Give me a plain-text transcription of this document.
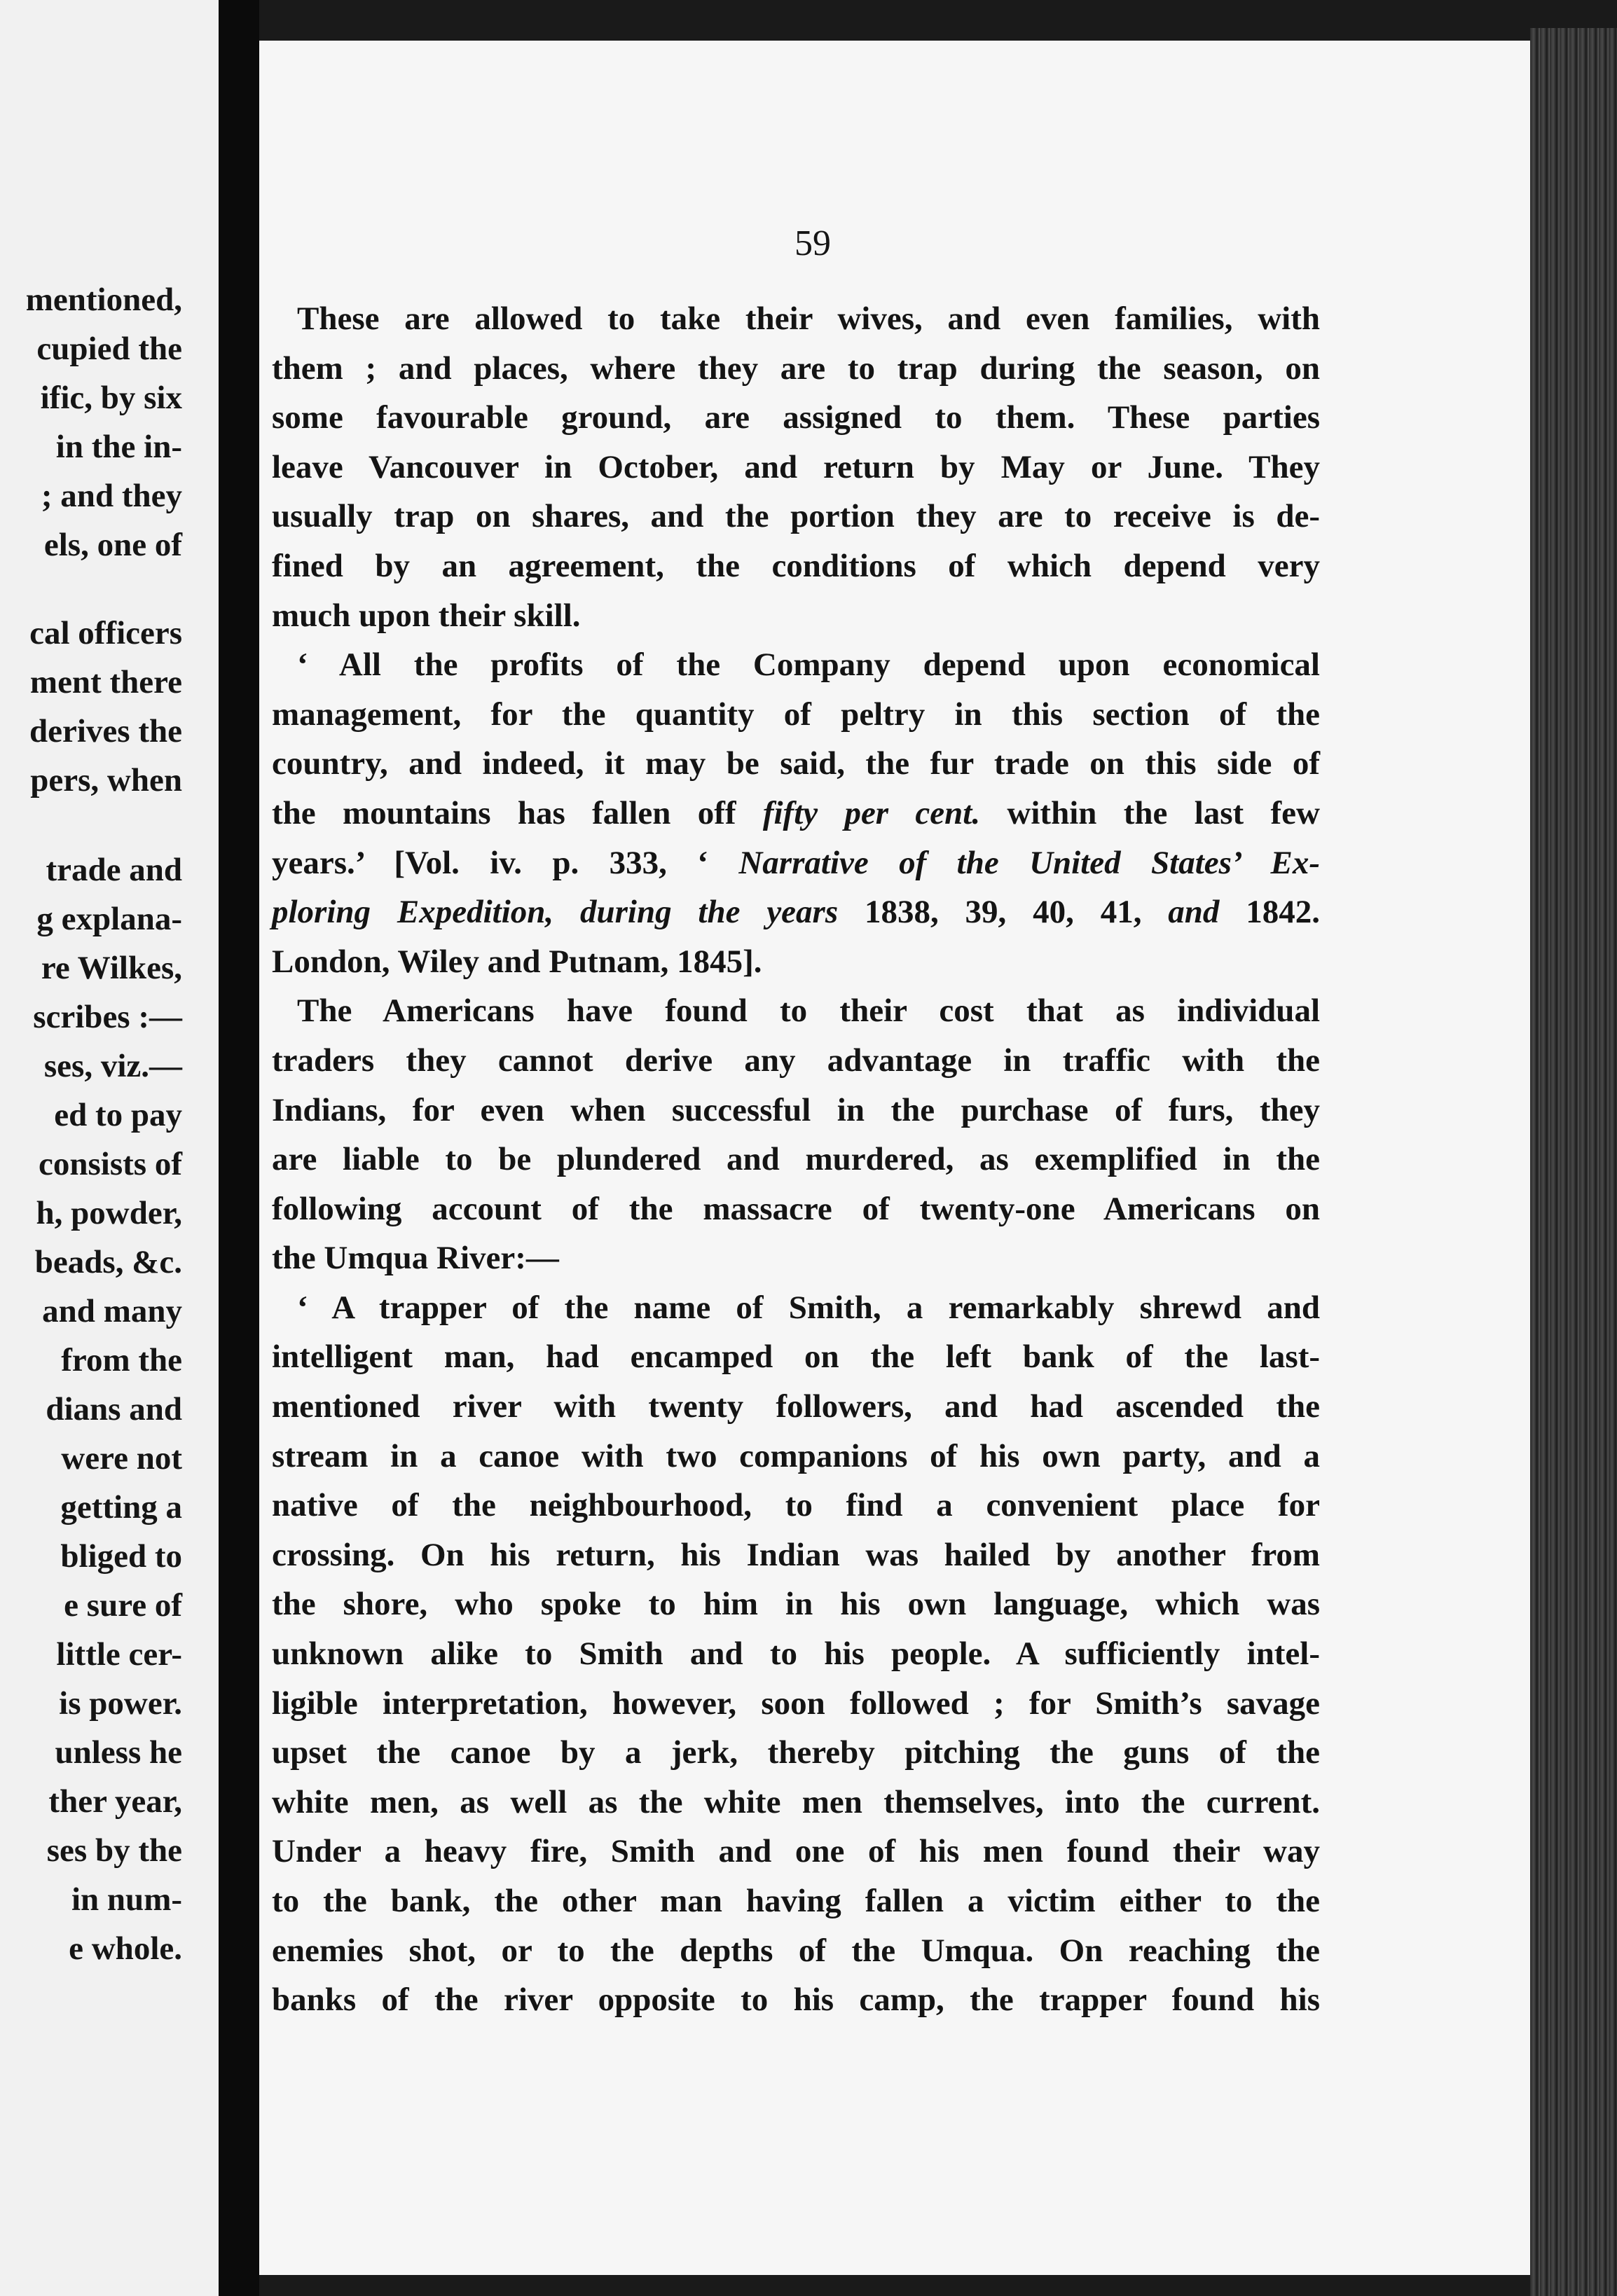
mentioned,
cupied the
ific, by six
in the in-
; and they
els, one of
cal officers
ment there
derives the
pers, when
trade and
g explana-
re Wilkes,
scribes :—
ses, viz.—
ed to pay
consists of
h, powder,
beads, &c.
and many
from the
dians and
were not
getting a
bliged to
e sure of
little cer-
is power.
unless he
ther year,
ses by the
in num-
e whole.
59
These are allowed to take their wives, and even families, with
them ; and places, where they are to trap during the season, on
some favourable ground, are assigned to them. These parties
leave Vancouver in October, and return by May or June. They
usually trap on shares, and the portion they are to receive is de-
fined by an agreement, the conditions of which depend very
much upon their skill.
‘ All the profits of the Company depend upon economical
management, for the quantity of peltry in this section of the
country, and indeed, it may be said, the fur trade on this side of
the mountains has fallen off fifty per cent. within the last few
years.’ [Vol. iv. p. 333, ‘ Narrative of the United States’ Ex-
ploring Expedition, during the years 1838, 39, 40, 41, and 1842.
London, Wiley and Putnam, 1845].
The Americans have found to their cost that as individual
traders they cannot derive any advantage in traffic with the
Indians, for even when successful in the purchase of furs, they
are liable to be plundered and murdered, as exemplified in the
following account of the massacre of twenty-one Americans on
the Umqua River:—
‘ A trapper of the name of Smith, a remarkably shrewd and
intelligent man, had encamped on the left bank of the last-
mentioned river with twenty followers, and had ascended the
stream in a canoe with two companions of his own party, and a
native of the neighbourhood, to find a convenient place for
crossing. On his return, his Indian was hailed by another from
the shore, who spoke to him in his own language, which was
unknown alike to Smith and to his people. A sufficiently intel-
ligible interpretation, however, soon followed ; for Smith’s savage
upset the canoe by a jerk, thereby pitching the guns of the
white men, as well as the white men themselves, into the current.
Under a heavy fire, Smith and one of his men found their way
to the bank, the other man having fallen a victim either to the
enemies shot, or to the depths of the Umqua. On reaching the
banks of the river opposite to his camp, the trapper found his
